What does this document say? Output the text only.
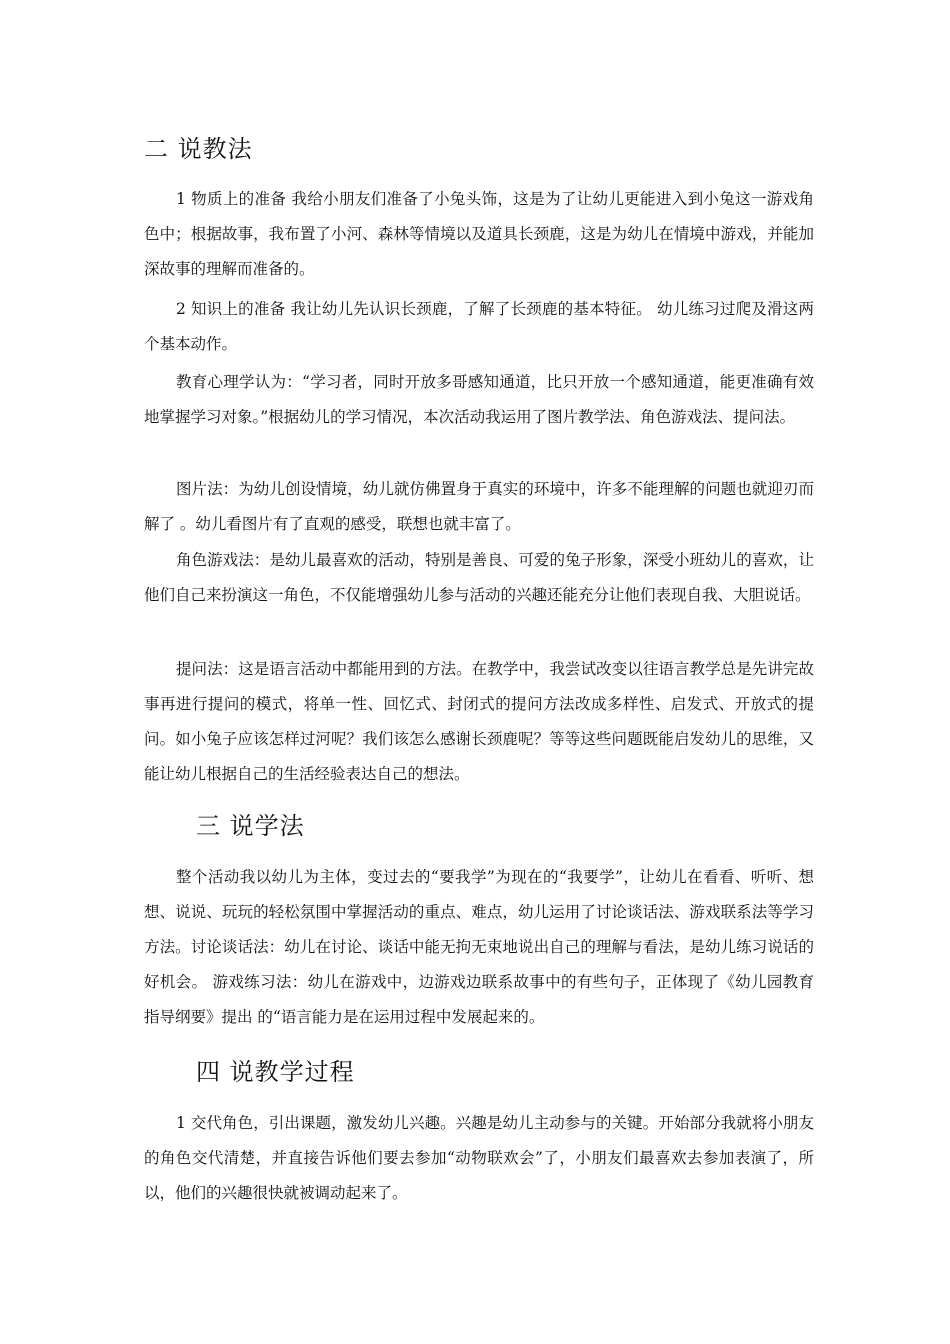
二 说教法

1 物质上的准备 我给小朋友们准备了小兔头饰，这是为了让幼儿更能进入到小兔这一游戏角色中；根据故事，我布置了小河、森林等情境以及道具长颈鹿，这是为幼儿在情境中游戏，并能加深故事的理解而准备的。

2 知识上的准备 我让幼儿先认识长颈鹿，了解了长颈鹿的基本特征。 幼儿练习过爬及滑这两个基本动作。

教育心理学认为：“学习者，同时开放多哥感知通道，比只开放一个感知通道，能更准确有效地掌握学习对象。”根据幼儿的学习情况，本次活动我运用了图片教学法、角色游戏法、提问法。

图片法：为幼儿创设情境，幼儿就仿佛置身于真实的环境中，许多不能理解的问题也就迎刃而解了 。幼儿看图片有了直观的感受，联想也就丰富了。

角色游戏法：是幼儿最喜欢的活动，特别是善良、可爱的兔子形象，深受小班幼儿的喜欢，让他们自己来扮演这一角色，不仅能增强幼儿参与活动的兴趣还能充分让他们表现自我、大胆说话。

提问法：这是语言活动中都能用到的方法。在教学中，我尝试改变以往语言教学总是先讲完故事再进行提问的模式，将单一性、回忆式、封闭式的提问方法改成多样性、启发式、开放式的提问。如小兔子应该怎样过河呢？我们该怎么感谢长颈鹿呢？等等这些问题既能启发幼儿的思维，又能让幼儿根据自己的生活经验表达自己的想法。

三 说学法

整个活动我以幼儿为主体，变过去的“要我学”为现在的“我要学”，让幼儿在看看、听听、想想、说说、玩玩的轻松氛围中掌握活动的重点、难点，幼儿运用了讨论谈话法、游戏联系法等学习方法。讨论谈话法：幼儿在讨论、谈话中能无拘无束地说出自己的理解与看法，是幼儿练习说话的好机会。 游戏练习法：幼儿在游戏中，边游戏边联系故事中的有些句子，正体现了《幼儿园教育指导纲要》提出 的“语言能力是在运用过程中发展起来的。

四 说教学过程

1 交代角色，引出课题，激发幼儿兴趣。兴趣是幼儿主动参与的关键。开始部分我就将小朋友的角色交代清楚，并直接告诉他们要去参加“动物联欢会”了，小朋友们最喜欢去参加表演了，所以，他们的兴趣很快就被调动起来了。
